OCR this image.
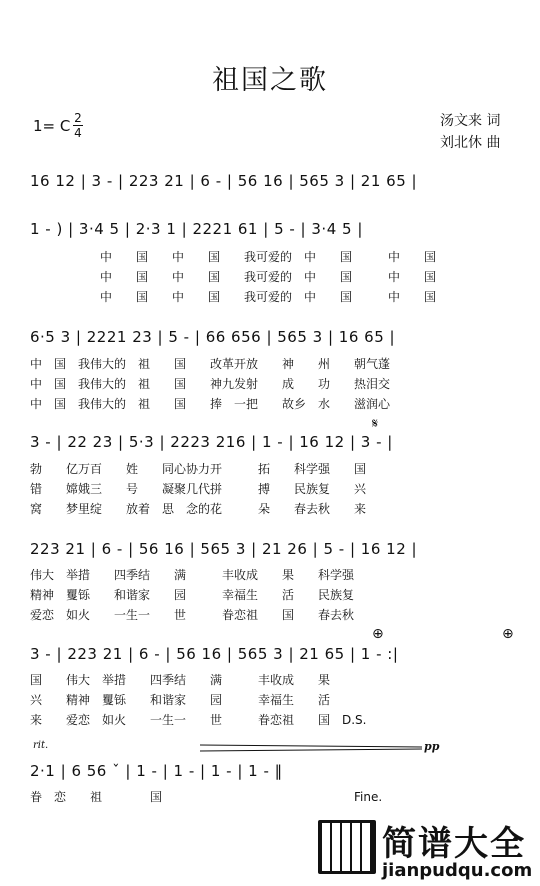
祖国之歌
1= C 2
4
汤文来 词
刘北休 曲
16 12 | 3 - | 223 21 | 6 - | 56 16 | 565 3 | 21 65 |
1 - ) | 3·4 5 | 2·3 1 | 2221 61 | 5 - | 3·4 5 |
中　　国　　中　　国　　我可爱的　中　　国　　　中　　国
中　　国　　中　　国　　我可爱的　中　　国　　　中　　国
中　　国　　中　　国　　我可爱的　中　　国　　　中　　国
6·5 3 | 2221 23 | 5 - | 66 656 | 565 3 | 16 65 |
中　国　我伟大的　祖　　国　　改革开放　　神　　州　　朝气蓬
中　国　我伟大的　祖　　国　　神九发射　　成　　功　　热泪交
中　国　我伟大的　祖　　国　　捧　一把　　故乡　水　　滋润心
𝄋
3 - | 22 23 | 5·3 | 2223 216 | 1 - | 16 12 | 3 - |
勃　　亿万百　　姓　　同心协力开　　　拓　　科学强　　国
错　　嫦娥三　　号　　凝聚几代拼　　　搏　　民族复　　兴
窝　　梦里绽　　放着　思　念的花　　　朵　　春去秋　　来
223 21 | 6 - | 56 16 | 565 3 | 21 26 | 5 - | 16 12 |
伟大　举措　　四季结　　满　　　丰收成　　果　　科学强
精神　矍铄　　和谐家　　园　　　幸福生　　活　　民族复
爱恋　如火　　一生一　　世　　　眷恋祖　　国　　春去秋
⊕	⊕
3 - | 223 21 | 6 - | 56 16 | 565 3 | 21 65 | 1 - :|
国　　伟大　举措　　四季结　　满　　　丰收成　　果
兴　　精神　矍铄　　和谐家　　园　　　幸福生　　活
来　　爱恋　如火　　一生一　　世　　　眷恋祖　　国　D.S.
rit.	pp
2·1 | 6 56 ˇ | 1 - | 1 - | 1 - | 1 - ‖
眷　恋　　祖　　　　国　　　　　　　　　　　　　　　　Fine.
简谱大全
jianpudqu.com
